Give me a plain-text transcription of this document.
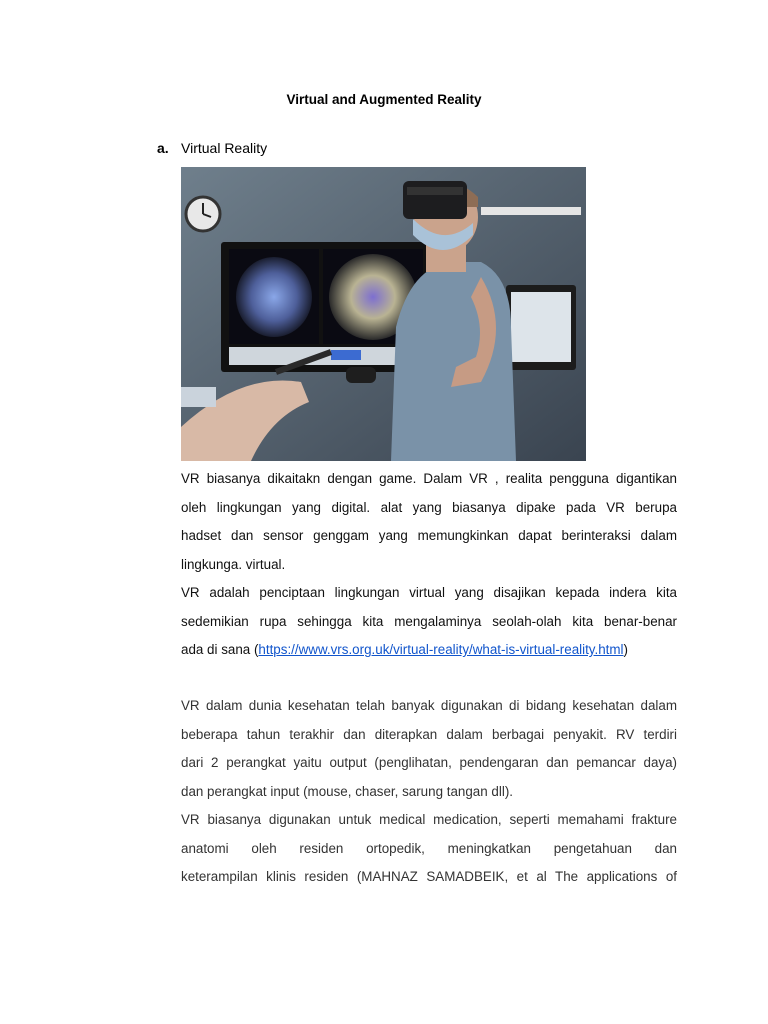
Virtual and Augmented Reality
a. Virtual Reality
VR biasanya dikaitakn dengan game. Dalam VR , realita pengguna digantikan
oleh lingkungan yang digital. alat yang biasanya dipake pada VR berupa
hadset dan sensor genggam yang memungkinkan dapat berinteraksi dalam
lingkunga. virtual.
VR adalah penciptaan lingkungan virtual yang disajikan kepada indera kita
sedemikian rupa sehingga kita mengalaminya seolah-olah kita benar-benar
ada di sana (https://www.vrs.org.uk/virtual-reality/what-is-virtual-reality.html)
VR dalam dunia kesehatan telah banyak digunakan di bidang kesehatan dalam
beberapa tahun terakhir dan diterapkan dalam berbagai penyakit. RV terdiri
dari 2 perangkat yaitu output (penglihatan, pendengaran dan pemancar daya)
dan perangkat input (mouse, chaser, sarung tangan dll).
VR biasanya digunakan untuk medical medication, seperti memahami frakture
anatomi oleh residen ortopedik, meningkatkan pengetahuan dan
keterampilan klinis residen (MAHNAZ SAMADBEIK, et al The applications of
